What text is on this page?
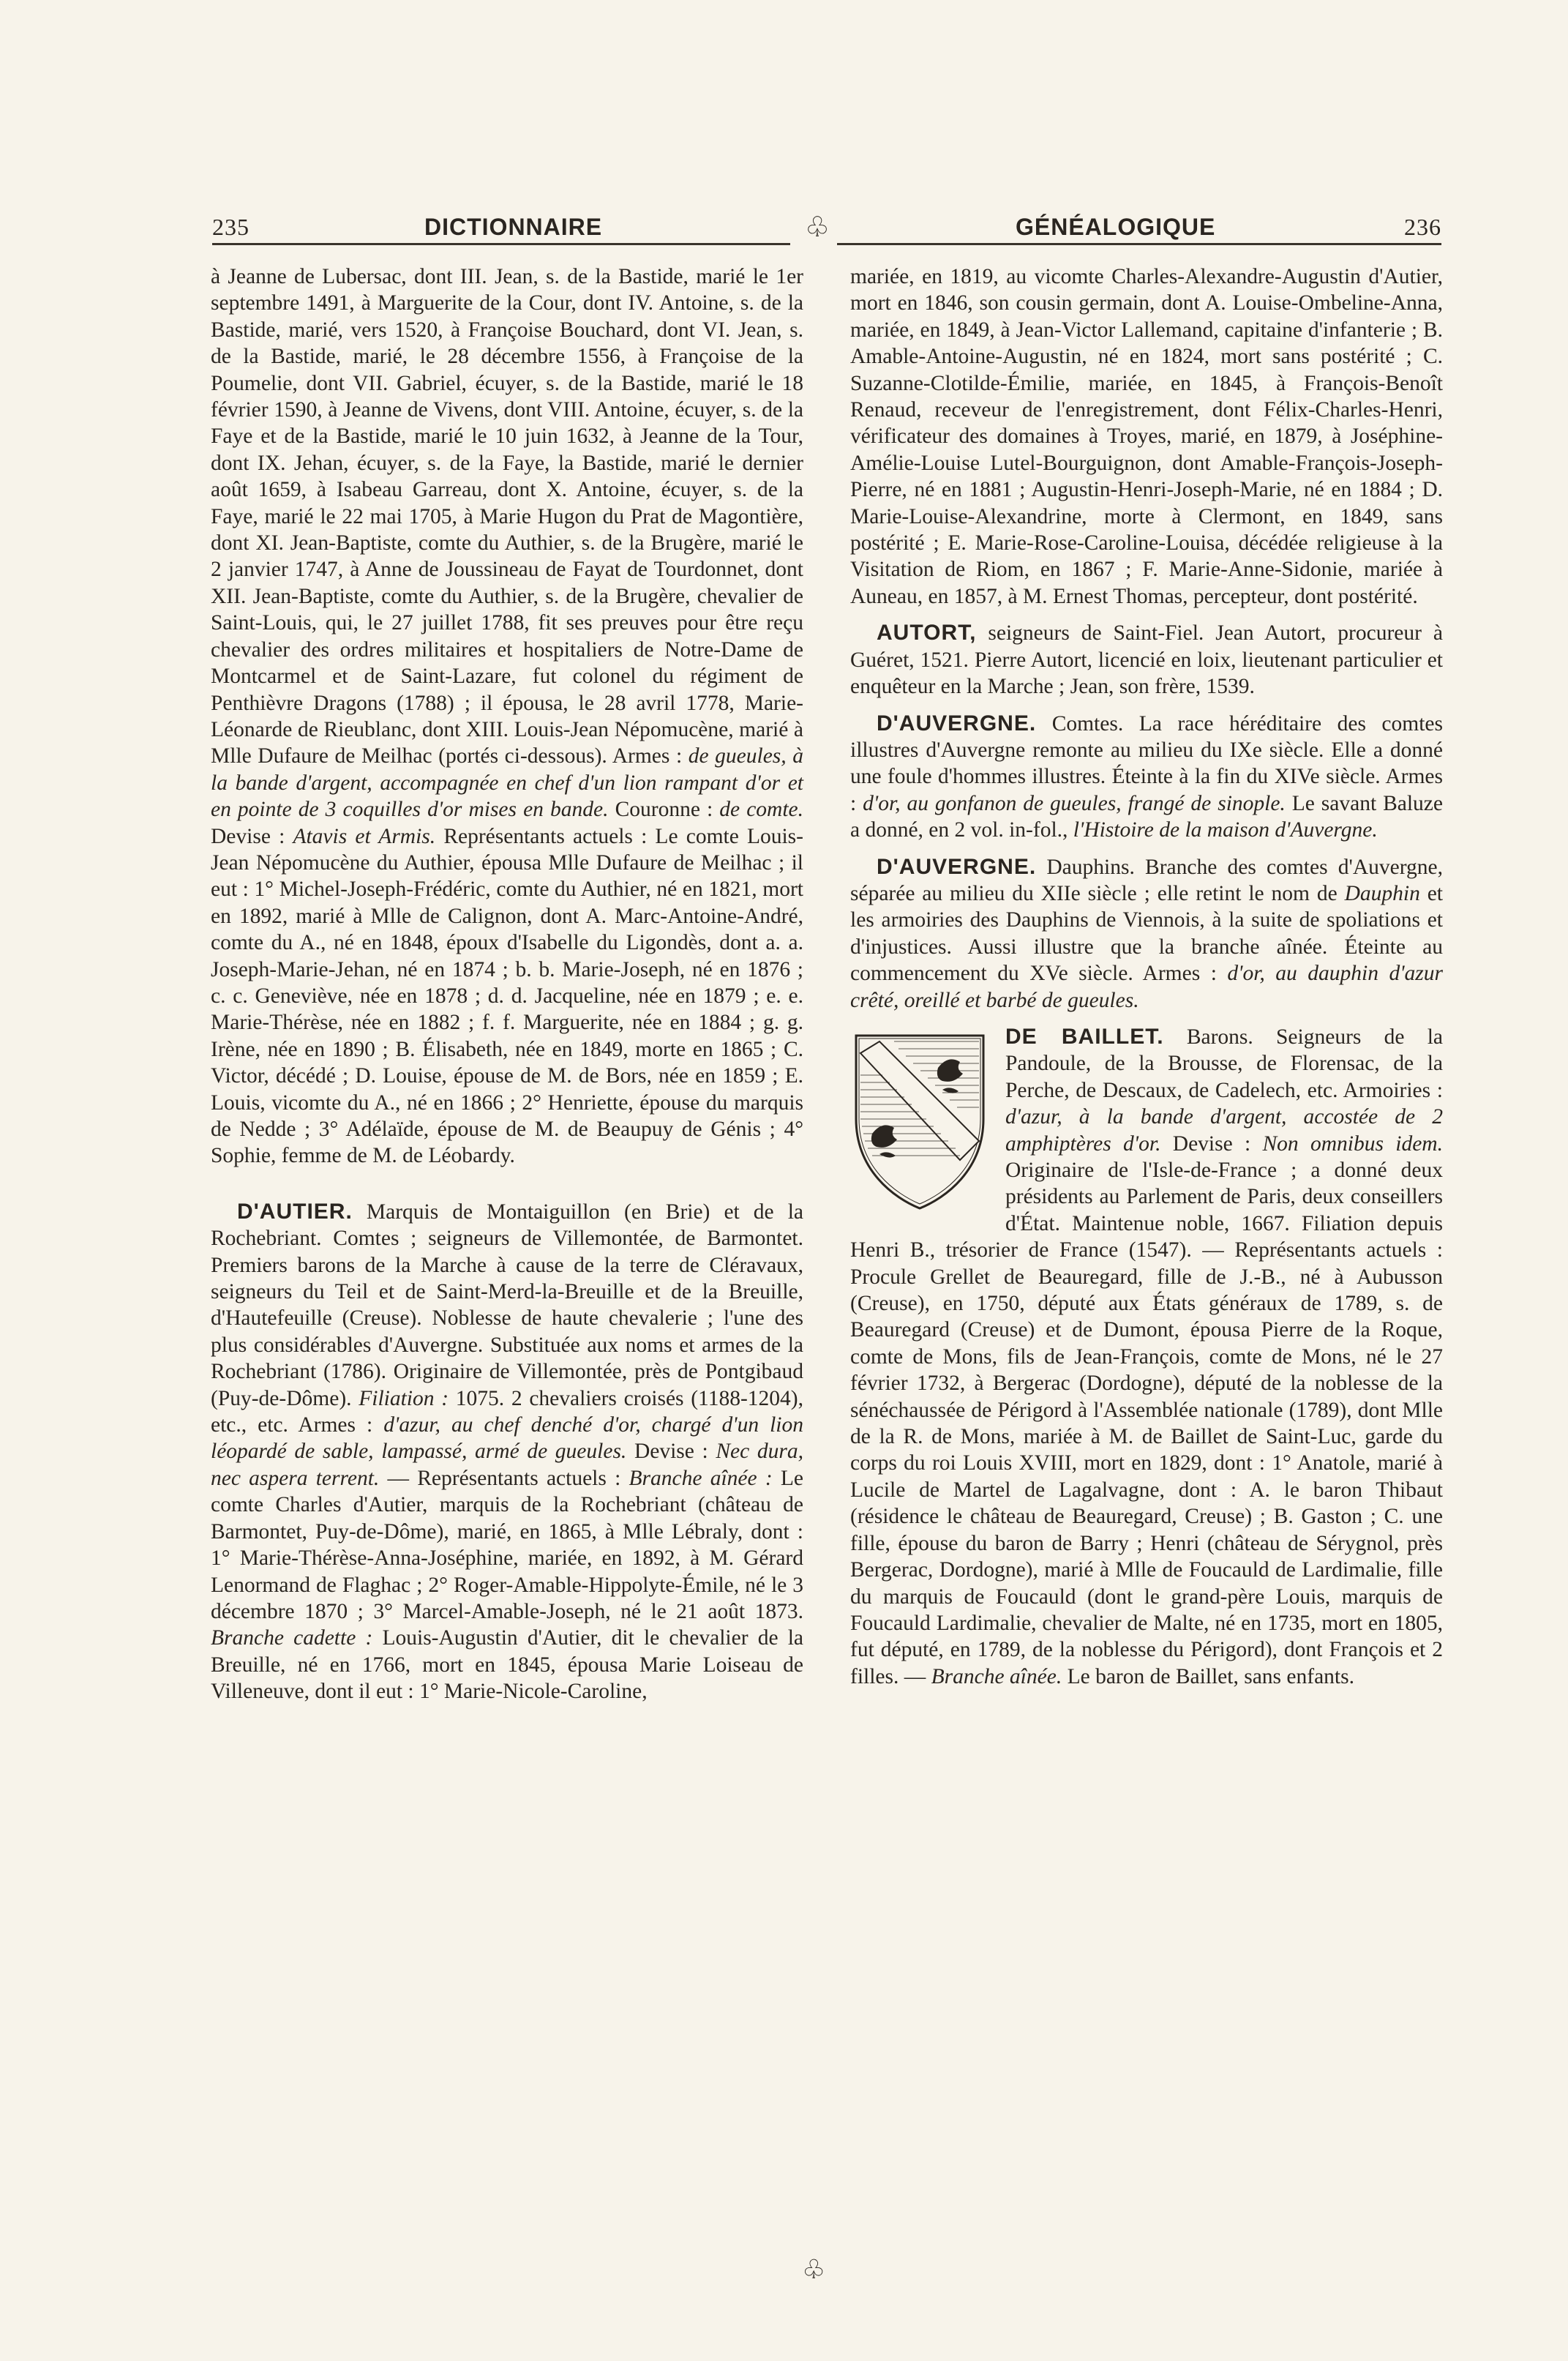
235	DICTIONNAIRE	♧	GÉNÉALOGIQUE	236

à Jeanne de Lubersac, dont III. Jean, s. de la Bastide, marié le 1er septembre 1491, à Marguerite de la Cour, dont IV. Antoine, s. de la Bastide, marié, vers 1520, à Françoise Bouchard, dont VI. Jean, s. de la Bastide, marié, le 28 décembre 1556, à Françoise de la Poumelie, dont VII. Gabriel, écuyer, s. de la Bastide, marié le 18 février 1590, à Jeanne de Vivens, dont VIII. Antoine, écuyer, s. de la Faye et de la Bastide, marié le 10 juin 1632, à Jeanne de la Tour, dont IX. Jehan, écuyer, s. de la Faye, la Bastide, marié le dernier août 1659, à Isabeau Garreau, dont X. Antoine, écuyer, s. de la Faye, marié le 22 mai 1705, à Marie Hugon du Prat de Magontière, dont XI. Jean-Baptiste, comte du Authier, s. de la Brugère, marié le 2 janvier 1747, à Anne de Joussineau de Fayat de Tourdonnet, dont XII. Jean-Baptiste, comte du Authier, s. de la Brugère, chevalier de Saint-Louis, qui, le 27 juillet 1788, fit ses preuves pour être reçu chevalier des ordres militaires et hospitaliers de Notre-Dame de Montcarmel et de Saint-Lazare, fut colonel du régiment de Penthièvre Dragons (1788) ; il épousa, le 28 avril 1778, Marie-Léonarde de Rieublanc, dont XIII. Louis-Jean Népomucène, marié à Mlle Dufaure de Meilhac (portés ci-dessous). Armes : de gueules, à la bande d'argent, accompagnée en chef d'un lion rampant d'or et en pointe de 3 coquilles d'or mises en bande. Couronne : de comte. Devise : Atavis et Armis. Représentants actuels : Le comte Louis-Jean Népomucène du Authier, épousa Mlle Dufaure de Meilhac ; il eut : 1° Michel-Joseph-Frédéric, comte du Authier, né en 1821, mort en 1892, marié à Mlle de Calignon, dont A. Marc-Antoine-André, comte du A., né en 1848, époux d'Isabelle du Ligondès, dont a. a. Joseph-Marie-Jehan, né en 1874 ; b. b. Marie-Joseph, né en 1876 ; c. c. Geneviève, née en 1878 ; d. d. Jacqueline, née en 1879 ; e. e. Marie-Thérèse, née en 1882 ; f. f. Marguerite, née en 1884 ; g. g. Irène, née en 1890 ; B. Élisabeth, née en 1849, morte en 1865 ; C. Victor, décédé ; D. Louise, épouse de M. de Bors, née en 1859 ; E. Louis, vicomte du A., né en 1866 ; 2° Henriette, épouse du marquis de Nedde ; 3° Adélaïde, épouse de M. de Beaupuy de Génis ; 4° Sophie, femme de M. de Léobardy.

D'AUTIER. Marquis de Montaiguillon (en Brie) et de la Rochebriant. Comtes ; seigneurs de Villemontée, de Barmontet. Premiers barons de la Marche à cause de la terre de Cléravaux, seigneurs du Teil et de Saint-Merd-la-Breuille et de la Breuille, d'Hautefeuille (Creuse). Noblesse de haute chevalerie ; l'une des plus considérables d'Auvergne. Substituée aux noms et armes de la Rochebriant (1786). Originaire de Villemontée, près de Pontgibaud (Puy-de-Dôme). Filiation : 1075. 2 chevaliers croisés (1188-1204), etc., etc. Armes : d'azur, au chef denché d'or, chargé d'un lion léopardé de sable, lampassé, armé de gueules. Devise : Nec dura, nec aspera terrent. — Représentants actuels : Branche aînée : Le comte Charles d'Autier, marquis de la Rochebriant (château de Barmontet, Puy-de-Dôme), marié, en 1865, à Mlle Lébraly, dont : 1° Marie-Thérèse-Anna-Joséphine, mariée, en 1892, à M. Gérard Lenormand de Flaghac ; 2° Roger-Amable-Hippolyte-Émile, né le 3 décembre 1870 ; 3° Marcel-Amable-Joseph, né le 21 août 1873. Branche cadette : Louis-Augustin d'Autier, dit le chevalier de la Breuille, né en 1766, mort en 1845, épousa Marie Loiseau de Villeneuve, dont il eut : 1° Marie-Nicole-Caroline,

mariée, en 1819, au vicomte Charles-Alexandre-Augustin d'Autier, mort en 1846, son cousin germain, dont A. Louise-Ombeline-Anna, mariée, en 1849, à Jean-Victor Lallemand, capitaine d'infanterie ; B. Amable-Antoine-Augustin, né en 1824, mort sans postérité ; C. Suzanne-Clotilde-Émilie, mariée, en 1845, à François-Benoît Renaud, receveur de l'enregistrement, dont Félix-Charles-Henri, vérificateur des domaines à Troyes, marié, en 1879, à Joséphine-Amélie-Louise Lutel-Bourguignon, dont Amable-François-Joseph-Pierre, né en 1881 ; Augustin-Henri-Joseph-Marie, né en 1884 ; D. Marie-Louise-Alexandrine, morte à Clermont, en 1849, sans postérité ; E. Marie-Rose-Caroline-Louisa, décédée religieuse à la Visitation de Riom, en 1867 ; F. Marie-Anne-Sidonie, mariée à Auneau, en 1857, à M. Ernest Thomas, percepteur, dont postérité.

AUTORT, seigneurs de Saint-Fiel. Jean Autort, procureur à Guéret, 1521. Pierre Autort, licencié en loix, lieutenant particulier et enquêteur en la Marche ; Jean, son frère, 1539.

D'AUVERGNE. Comtes. La race héréditaire des comtes illustres d'Auvergne remonte au milieu du IXe siècle. Elle a donné une foule d'hommes illustres. Éteinte à la fin du XIVe siècle. Armes : d'or, au gonfanon de gueules, frangé de sinople. Le savant Baluze a donné, en 2 vol. in-fol., l'Histoire de la maison d'Auvergne.

D'AUVERGNE. Dauphins. Branche des comtes d'Auvergne, séparée au milieu du XIIe siècle ; elle retint le nom de Dauphin et les armoiries des Dauphins de Viennois, à la suite de spoliations et d'injustices. Aussi illustre que la branche aînée. Éteinte au commencement du XVe siècle. Armes : d'or, au dauphin d'azur crêté, oreillé et barbé de gueules.

DE BAILLET. Barons. Seigneurs de la Pandoule, de la Brousse, de Florensac, de la Perche, de Descaux, de Cadelech, etc. Armoiries : d'azur, à la bande d'argent, accostée de 2 amphiptères d'or. Devise : Non omnibus idem. Originaire de l'Isle-de-France ; a donné deux présidents au Parlement de Paris, deux conseillers d'État. Maintenue noble, 1667. Filiation depuis Henri B., trésorier de France (1547). — Représentants actuels : Procule Grellet de Beauregard, fille de J.-B., né à Aubusson (Creuse), en 1750, député aux États généraux de 1789, s. de Beauregard (Creuse) et de Dumont, épousa Pierre de la Roque, comte de Mons, fils de Jean-François, comte de Mons, né le 27 février 1732, à Bergerac (Dordogne), député de la noblesse de la sénéchaussée de Périgord à l'Assemblée nationale (1789), dont Mlle de la R. de Mons, mariée à M. de Baillet de Saint-Luc, garde du corps du roi Louis XVIII, mort en 1829, dont : 1° Anatole, marié à Lucile de Martel de Lagalvagne, dont : A. le baron Thibaut (résidence le château de Beauregard, Creuse) ; B. Gaston ; C. une fille, épouse du baron de Barry ; Henri (château de Sérygnol, près Bergerac, Dordogne), marié à Mlle de Foucauld de Lardimalie, fille du marquis de Foucauld (dont le grand-père Louis, marquis de Foucauld Lardimalie, chevalier de Malte, né en 1735, mort en 1805, fut député, en 1789, de la noblesse du Périgord), dont François et 2 filles. — Branche aînée. Le baron de Baillet, sans enfants.

♧
